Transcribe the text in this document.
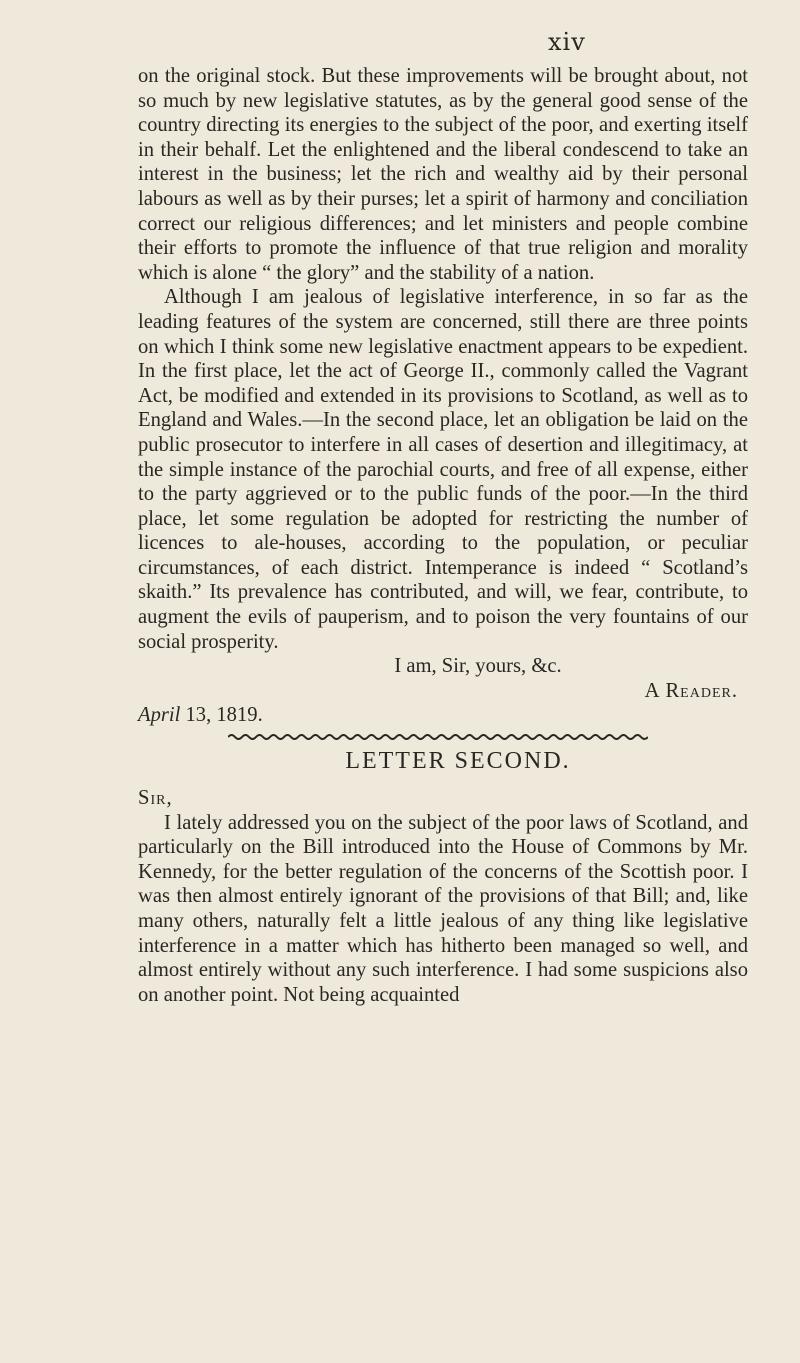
xiv

on the original stock. But these improvements will be brought about, not so much by new legislative statutes, as by the general good sense of the country directing its energies to the subject of the poor, and exerting itself in their behalf. Let the enlightened and the liberal condescend to take an interest in the business; let the rich and wealthy aid by their personal labours as well as by their purses; let a spirit of harmony and conciliation correct our religious differences; and let ministers and people combine their efforts to promote the influence of that true religion and morality which is alone “ the glory” and the stability of a nation.

Although I am jealous of legislative interference, in so far as the leading features of the system are concerned, still there are three points on which I think some new legislative enactment appears to be expedient. In the first place, let the act of George II., commonly called the Vagrant Act, be modified and extended in its provisions to Scotland, as well as to England and Wales.—In the second place, let an obligation be laid on the public prosecutor to interfere in all cases of desertion and illegitimacy, at the simple instance of the parochial courts, and free of all expense, either to the party aggrieved or to the public funds of the poor.—In the third place, let some regulation be adopted for restricting the number of licences to ale-houses, according to the population, or peculiar circumstances, of each district. Intemperance is indeed “ Scotland’s skaith.” Its prevalence has contributed, and will, we fear, contribute, to augment the evils of pauperism, and to poison the very fountains of our social prosperity.

I am, Sir, yours, &c.

A Reader.

April 13, 1819.

LETTER SECOND.

Sir,

I lately addressed you on the subject of the poor laws of Scotland, and particularly on the Bill introduced into the House of Commons by Mr. Kennedy, for the better regulation of the concerns of the Scottish poor. I was then almost entirely ignorant of the provisions of that Bill; and, like many others, naturally felt a little jealous of any thing like legislative interference in a matter which has hitherto been managed so well, and almost entirely without any such interference. I had some suspicions also on another point. Not being acquainted
